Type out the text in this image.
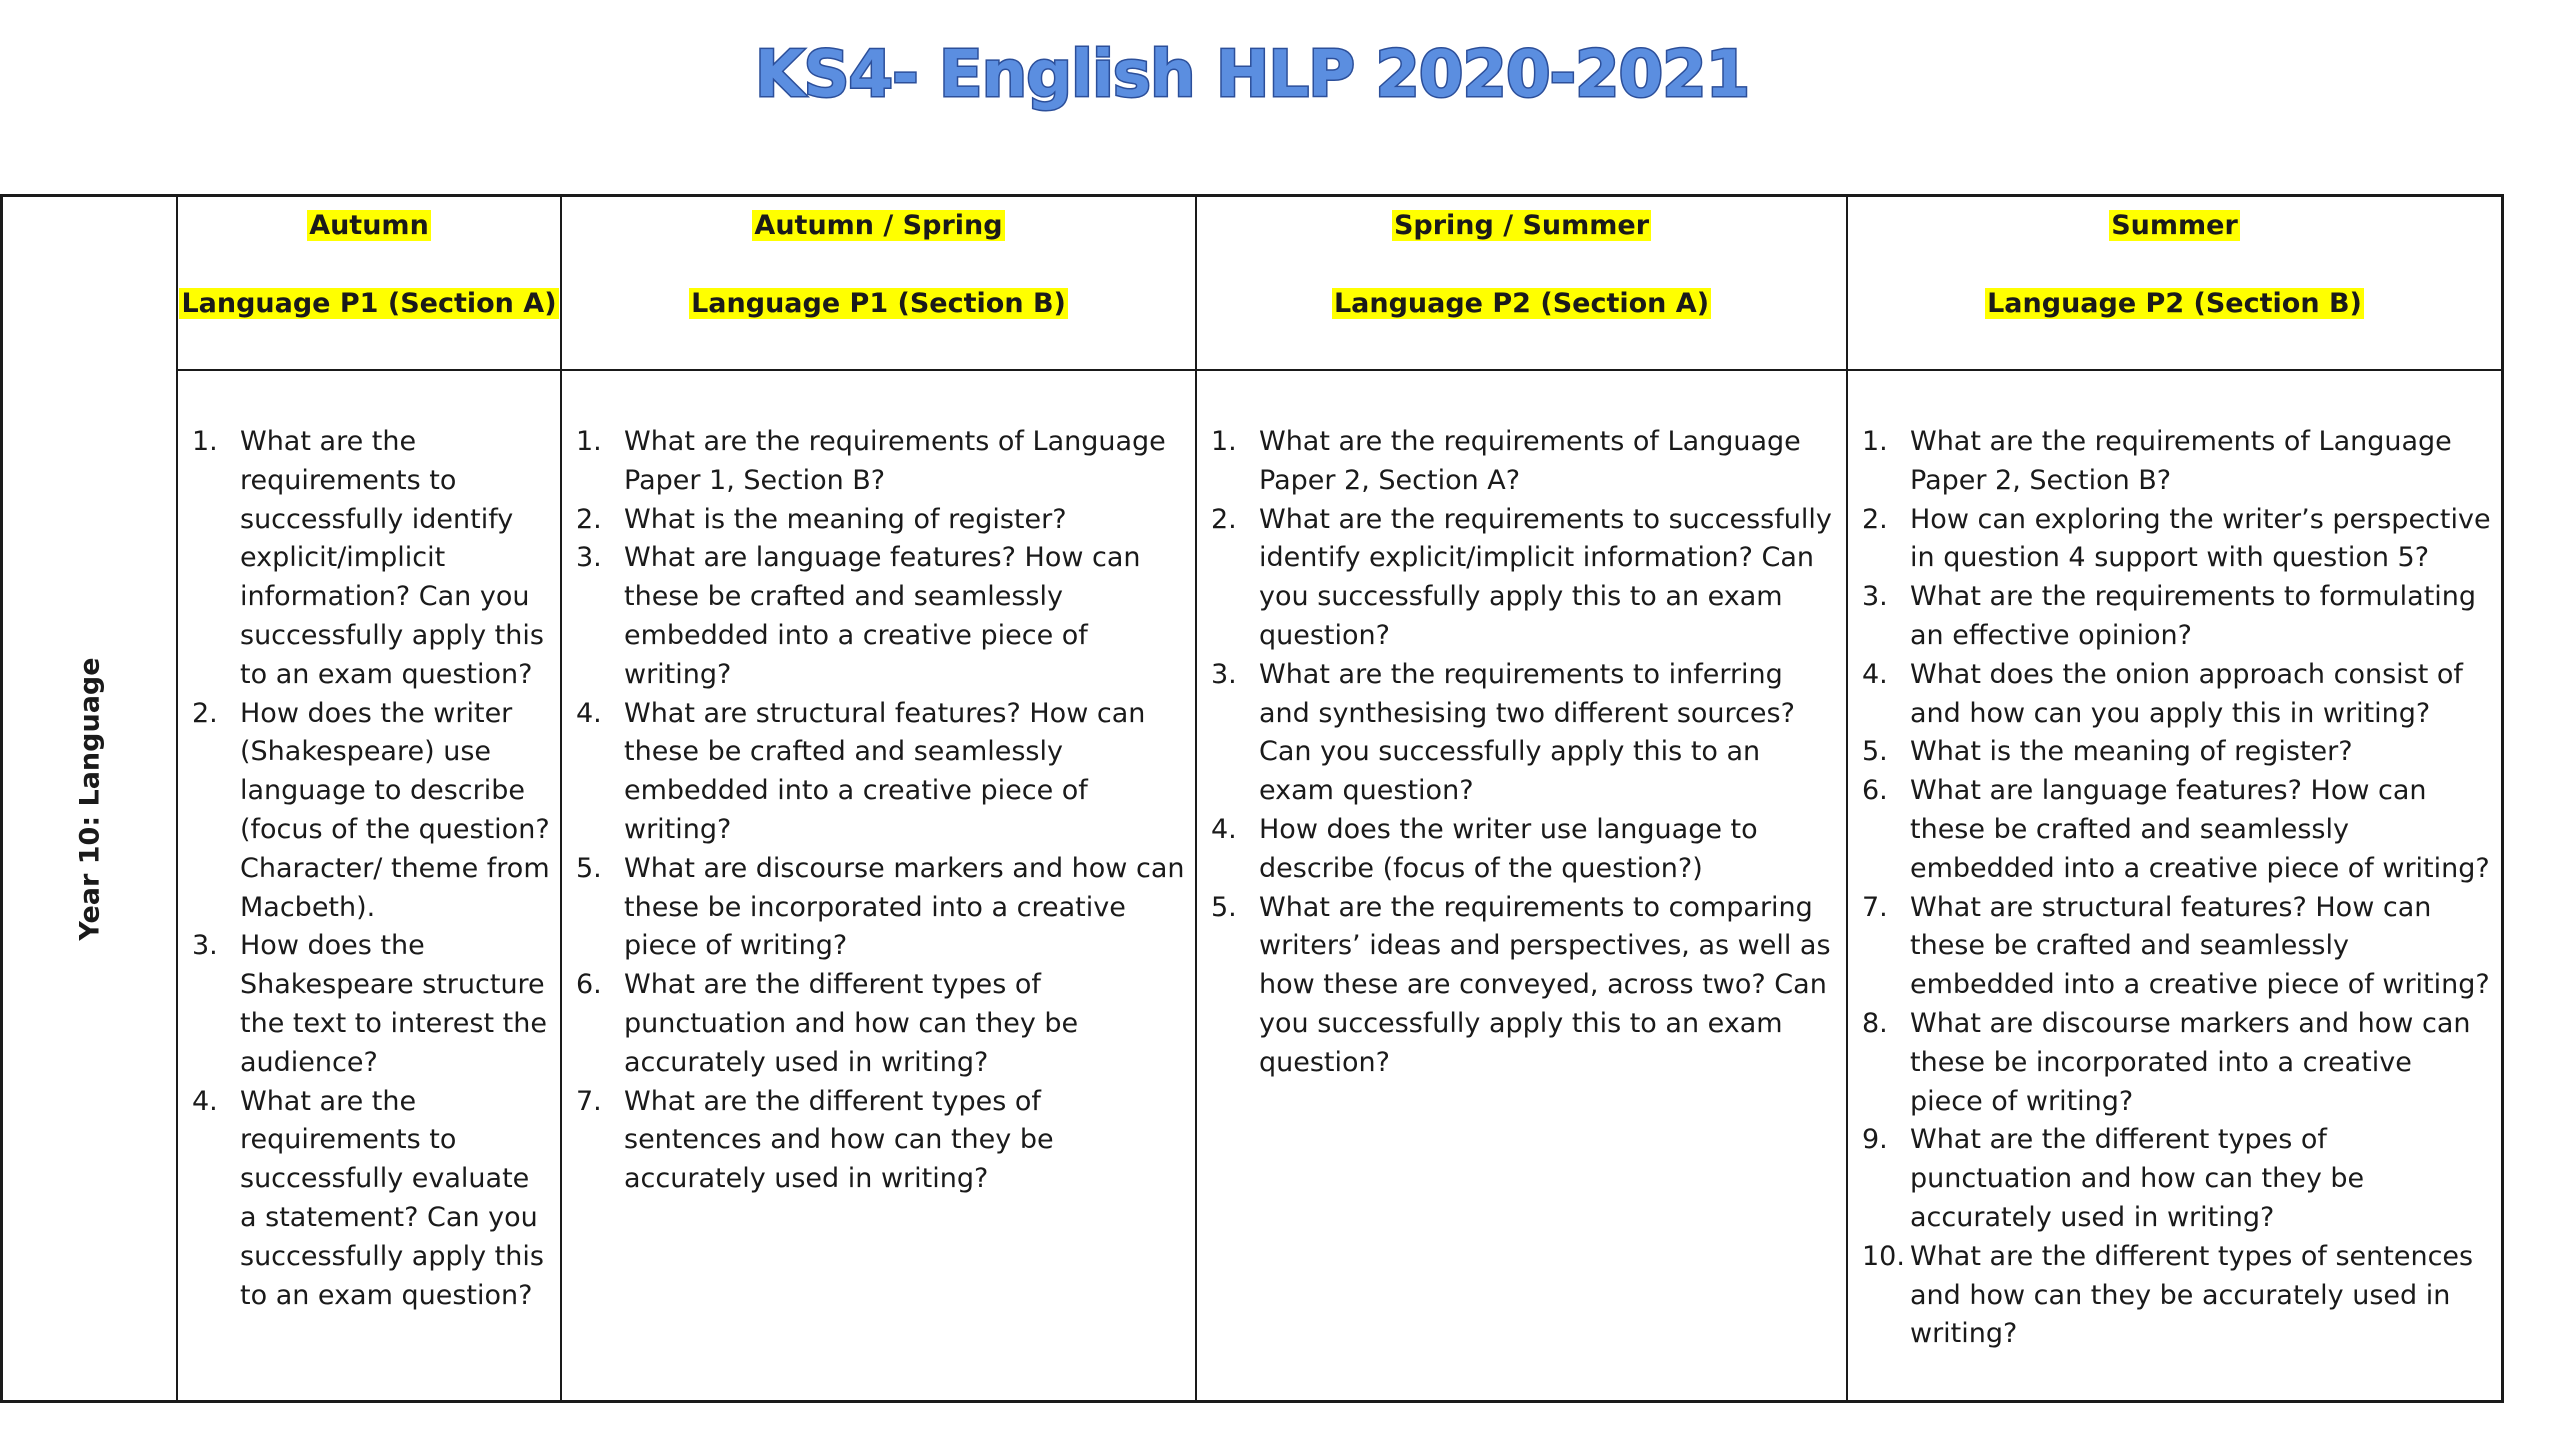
KS4- English HLP 2020-2021
Year 10: Language
Autumn
Language P1 (Section A)
Autumn / Spring
Language P1 (Section B)
Spring / Summer
Language P2 (Section A)
Summer
Language P2 (Section B)
1. What are the requirements to successfully identify explicit/implicit information? Can you successfully apply this to an exam question?
2. How does the writer (Shakespeare) use language to describe (focus of the question? Character/ theme from Macbeth).
3. How does the Shakespeare structure the text to interest the audience?
4. What are the requirements to successfully evaluate a statement? Can you successfully apply this to an exam question?
1. What are the requirements of Language Paper 1, Section B?
2. What is the meaning of register?
3. What are language features? How can these be crafted and seamlessly embedded into a creative piece of writing?
4. What are structural features? How can these be crafted and seamlessly embedded into a creative piece of writing?
5. What are discourse markers and how can these be incorporated into a creative piece of writing?
6. What are the different types of punctuation and how can they be accurately used in writing?
7. What are the different types of sentences and how can they be accurately used in writing?
1. What are the requirements of Language Paper 2, Section A?
2. What are the requirements to successfully identify explicit/implicit information? Can you successfully apply this to an exam question?
3. What are the requirements to inferring and synthesising two different sources? Can you successfully apply this to an exam question?
4. How does the writer use language to describe (focus of the question?)
5. What are the requirements to comparing writers’ ideas and perspectives, as well as how these are conveyed, across two? Can you successfully apply this to an exam question?
1. What are the requirements of Language Paper 2, Section B?
2. How can exploring the writer’s perspective in question 4 support with question 5?
3. What are the requirements to formulating an effective opinion?
4. What does the onion approach consist of and how can you apply this in writing?
5. What is the meaning of register?
6. What are language features? How can these be crafted and seamlessly embedded into a creative piece of writing?
7. What are structural features? How can these be crafted and seamlessly embedded into a creative piece of writing?
8. What are discourse markers and how can these be incorporated into a creative piece of writing?
9. What are the different types of punctuation and how can they be accurately used in writing?
10. What are the different types of sentences and how can they be accurately used in writing?
